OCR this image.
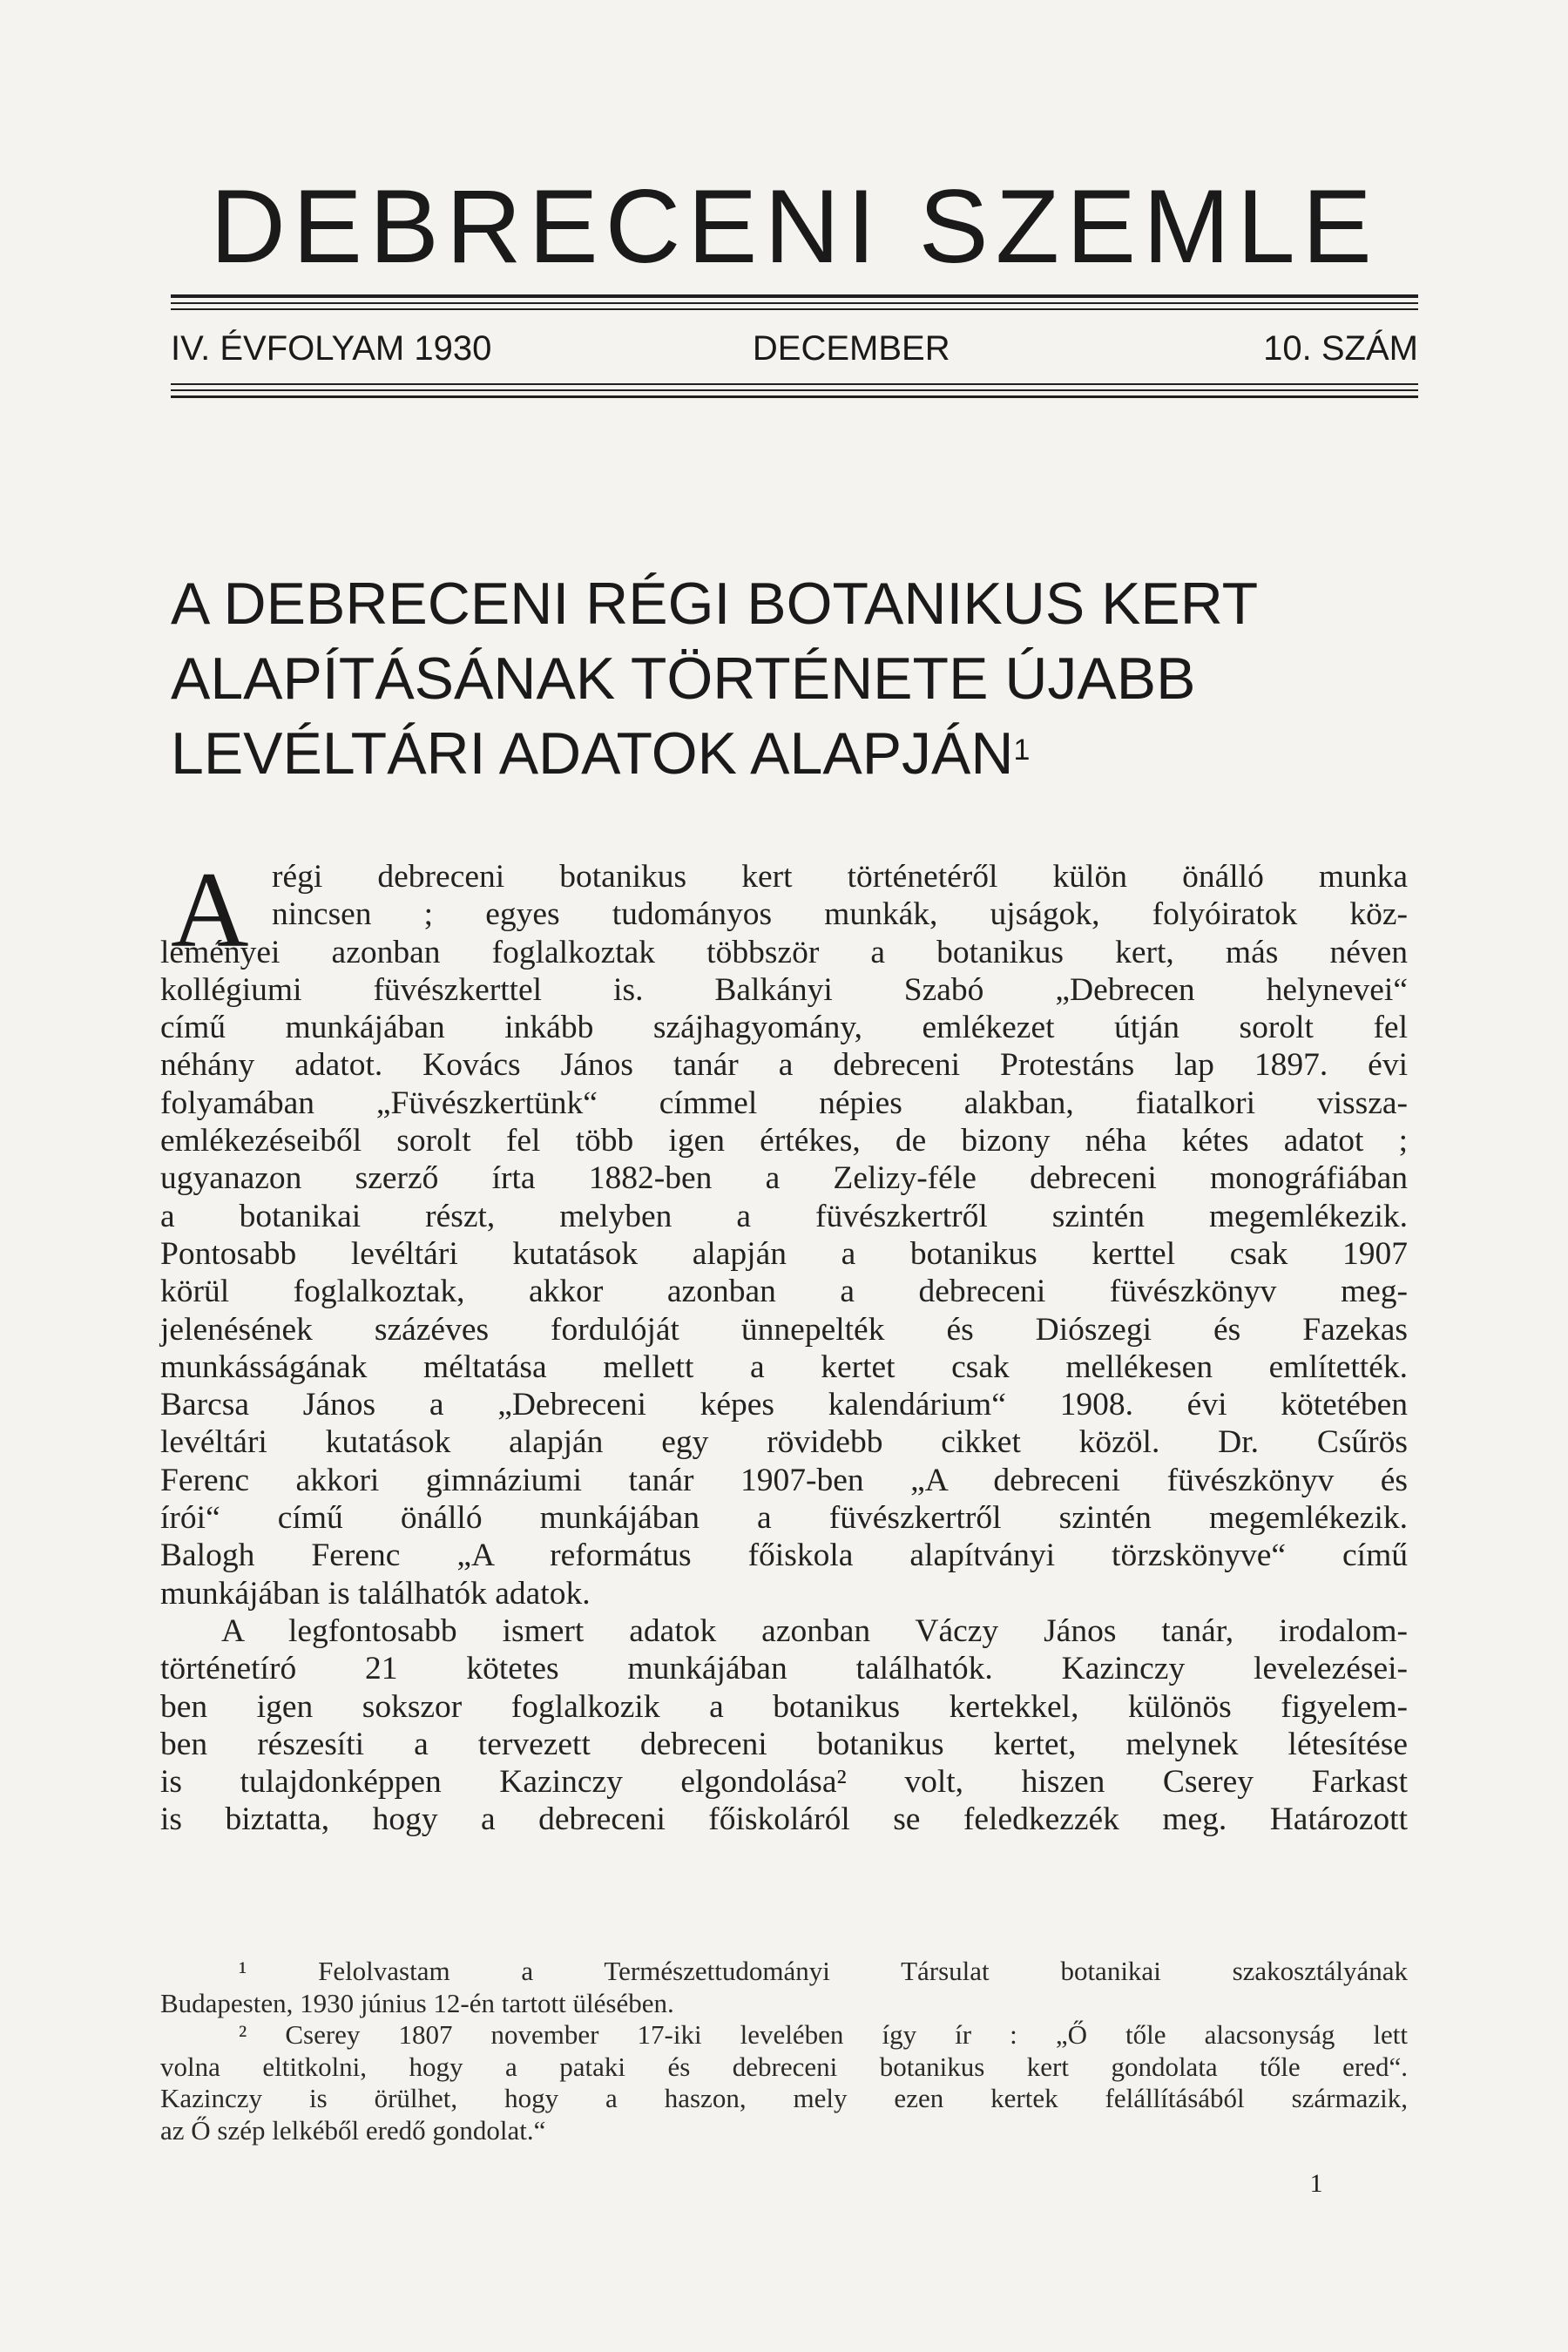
DEBRECENI SZEMLE
IV. ÉVFOLYAM 1930	DECEMBER	10. SZÁM
A DEBRECENI RÉGI BOTANIKUS KERT
ALAPÍTÁSÁNAK TÖRTÉNETE ÚJABB
LEVÉLTÁRI ADATOK ALAPJÁN$^1$
A régi debreceni botanikus kert történetéről külön önálló munka
nincsen ; egyes tudományos munkák, ujságok, folyóiratok köz-
leményei azonban foglalkoztak többször a botanikus kert, más néven
kollégiumi füvészkerttel is. Balkányi Szabó „Debrecen helynevei“
című munkájában inkább szájhagyomány, emlékezet útján sorolt fel
néhány adatot. Kovács János tanár a debreceni Protestáns lap 1897. évi
folyamában „Füvészkertünk“ címmel népies alakban, fiatalkori vissza-
emlékezéseiből sorolt fel több igen értékes, de bizony néha kétes adatot ;
ugyanazon szerző írta 1882-ben a Zelizy-féle debreceni monográfiában
a botanikai részt, melyben a füvészkertről szintén megemlékezik.
Pontosabb levéltári kutatások alapján a botanikus kerttel csak 1907
körül foglalkoztak, akkor azonban a debreceni füvészkönyv meg-
jelenésének százéves fordulóját ünnepelték és Diószegi és Fazekas
munkásságának méltatása mellett a kertet csak mellékesen említették.
Barcsa János a „Debreceni képes kalendárium“ 1908. évi kötetében
levéltári kutatások alapján egy rövidebb cikket közöl. Dr. Csűrös
Ferenc akkori gimnáziumi tanár 1907-ben „A debreceni füvészkönyv és
írói“ című önálló munkájában a füvészkertről szintén megemlékezik.
Balogh Ferenc „A református főiskola alapítványi törzskönyve“ című
munkájában is találhatók adatok.
A legfontosabb ismert adatok azonban Váczy János tanár, irodalom-
történetíró 21 kötetes munkájában találhatók. Kazinczy levelezései-
ben igen sokszor foglalkozik a botanikus kertekkel, különös figyelem-
ben részesíti a tervezett debreceni botanikus kertet, melynek létesítése
is tulajdonképpen Kazinczy elgondolása² volt, hiszen Cserey Farkast
is biztatta, hogy a debreceni főiskoláról se feledkezzék meg. Határozott
¹ Felolvastam a Természettudományi Társulat botanikai szakosztályának
Budapesten, 1930 június 12-én tartott ülésében.
² Cserey 1807 november 17-iki levelében így ír : „Ő tőle alacsonyság lett
volna eltitkolni, hogy a pataki és debreceni botanikus kert gondolata tőle ered“.
Kazinczy is örülhet, hogy a haszon, mely ezen kertek felállításából származik,
az Ő szép lelkéből eredő gondolat.“
1
